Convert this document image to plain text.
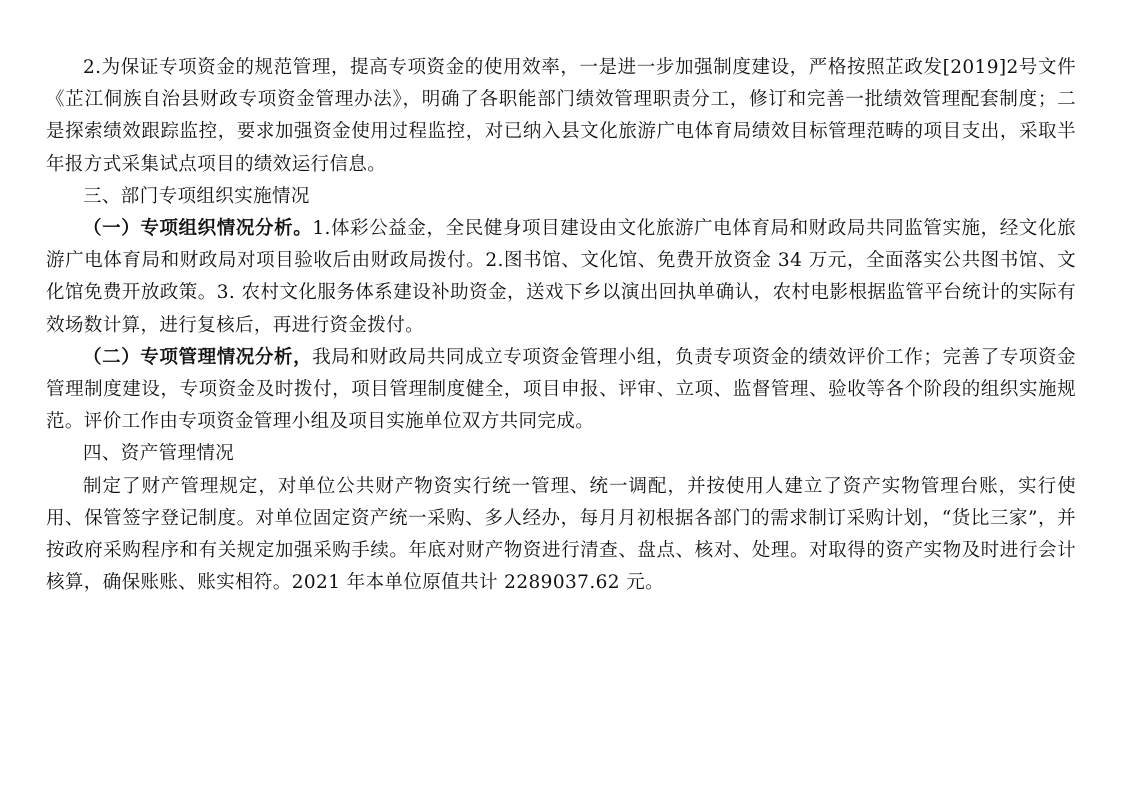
2.为保证专项资金的规范管理，提高专项资金的使用效率，一是进一步加强制度建设，严格按照芷政发[2019]2号文件《芷江侗族自治县财政专项资金管理办法》，明确了各职能部门绩效管理职责分工，修订和完善一批绩效管理配套制度；二是探索绩效跟踪监控，要求加强资金使用过程监控，对已纳入县文化旅游广电体育局绩效目标管理范畴的项目支出，采取半年报方式采集试点项目的绩效运行信息。

三、部门专项组织实施情况

（一）专项组织情况分析。1.体彩公益金，全民健身项目建设由文化旅游广电体育局和财政局共同监管实施，经文化旅游广电体育局和财政局对项目验收后由财政局拨付。2.图书馆、文化馆、免费开放资金 34 万元，全面落实公共图书馆、文化馆免费开放政策。3. 农村文化服务体系建设补助资金，送戏下乡以演出回执单确认，农村电影根据监管平台统计的实际有效场数计算，进行复核后，再进行资金拨付。

（二）专项管理情况分析，我局和财政局共同成立专项资金管理小组，负责专项资金的绩效评价工作；完善了专项资金管理制度建设，专项资金及时拨付，项目管理制度健全，项目申报、评审、立项、监督管理、验收等各个阶段的组织实施规范。评价工作由专项资金管理小组及项目实施单位双方共同完成。

四、资产管理情况

制定了财产管理规定，对单位公共财产物资实行统一管理、统一调配，并按使用人建立了资产实物管理台账，实行使用、保管签字登记制度。对单位固定资产统一采购、多人经办，每月月初根据各部门的需求制订采购计划，“货比三家”，并按政府采购程序和有关规定加强采购手续。年底对财产物资进行清查、盘点、核对、处理。对取得的资产实物及时进行会计核算，确保账账、账实相符。2021 年本单位原值共计 2289037.62 元。
